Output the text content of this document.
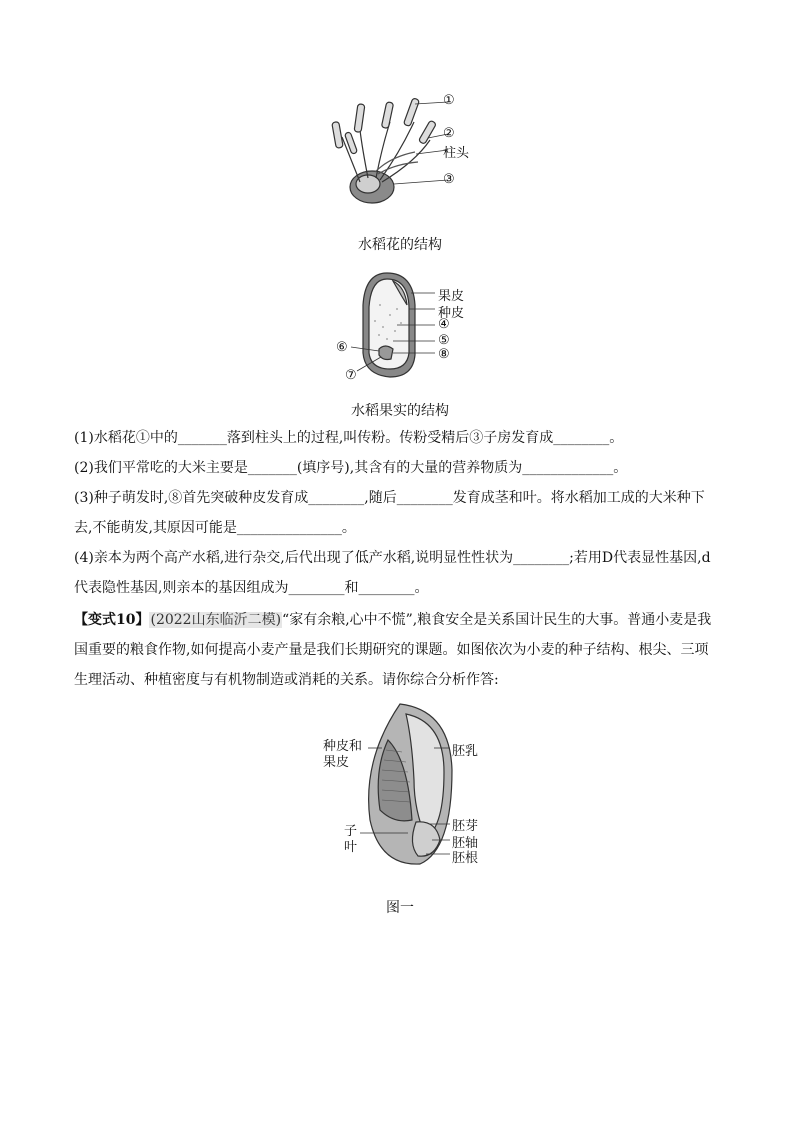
①
②
柱头
③
水稻花的结构
果皮
种皮
④
⑤
⑥	⑧
⑦
水稻果实的结构
(1)水稻花①中的_______落到柱头上的过程,叫传粉。传粉受精后③子房发育成________。
(2)我们平常吃的大米主要是_______(填序号),其含有的大量的营养物质为_____________。
(3)种子萌发时,⑧首先突破种皮发育成________,随后________发育成茎和叶。将水稻加工成的大米种下
去,不能萌发,其原因可能是_______________。
(4)亲本为两个高产水稻,进行杂交,后代出现了低产水稻,说明显性性状为________;若用D代表显性基因,d
代表隐性基因,则亲本的基因组成为________和________。
【变式10】(2022山东临沂二模)“家有余粮,心中不慌”,粮食安全是关系国计民生的大事。普通小麦是我
国重要的粮食作物,如何提高小麦产量是我们长期研究的课题。如图依次为小麦的种子结构、根尖、三项
生理活动、种植密度与有机物制造或消耗的关系。请你综合分析作答:
种皮和
果皮
胚乳
子
叶
胚芽
胚轴
胚根
图一
